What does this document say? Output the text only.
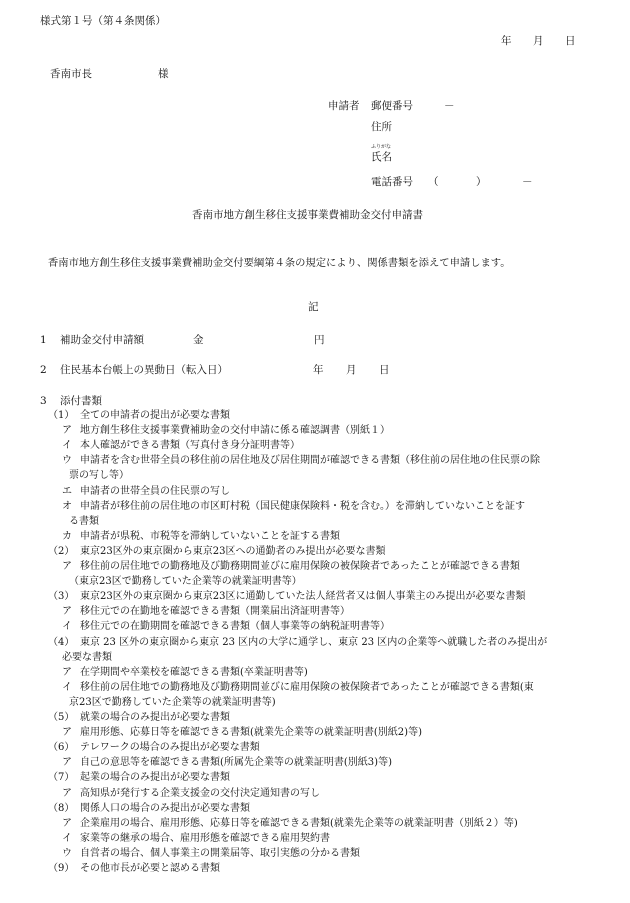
様式第１号（第４条関係）
年 月 日
香南市長	様
申請者 郵便番号	－
住所
ふりがな
氏名
電話番号 （	）	－
香南市地方創生移住支援事業費補助金交付申請書
香南市地方創生移住支援事業費補助金交付要綱第４条の規定により、関係書類を添えて申請します。
記
1 補助金交付申請額	金	円
2 住民基本台帳上の異動日（転入日）	年 月 日
3 添付書類
（1） 全ての申請者の提出が必要な書類
ア 地方創生移住支援事業費補助金の交付申請に係る確認調書（別紙１）
イ 本人確認ができる書類（写真付き身分証明書等）
ウ 申請者を含む世帯全員の移住前の居住地及び居住期間が確認できる書類（移住前の居住地の住民票の除
票の写し等）
エ 申請者の世帯全員の住民票の写し
オ 申請者が移住前の居住地の市区町村税（国民健康保険料・税を含む。）を滞納していないことを証す
る書類
カ 申請者が県税、市税等を滞納していないことを証する書類
（2） 東京23区外の東京圏から東京23区への通勤者のみ提出が必要な書類
ア 移住前の居住地での勤務地及び勤務期間並びに雇用保険の被保険者であったことが確認できる書類
（東京23区で勤務していた企業等の就業証明書等）
（3） 東京23区外の東京圏から東京23区に通勤していた法人経営者又は個人事業主のみ提出が必要な書類
ア 移住元での在勤地を確認できる書類（開業届出済証明書等）
イ 移住元での在勤期間を確認できる書類（個人事業等の納税証明書等）
（4） 東京 23 区外の東京圏から東京 23 区内の大学に通学し、東京 23 区内の企業等へ就職した者のみ提出が
必要な書類
ア 在学期間や卒業校を確認できる書類(卒業証明書等)
イ 移住前の居住地での勤務地及び勤務期間並びに雇用保険の被保険者であったことが確認できる書類(東
京23区で勤務していた企業等の就業証明書等)
（5） 就業の場合のみ提出が必要な書類
ア 雇用形態、応募日等を確認できる書類(就業先企業等の就業証明書(別紙2)等)
（6） テレワークの場合のみ提出が必要な書類
ア 自己の意思等を確認できる書類(所属先企業等の就業証明書(別紙3)等)
（7） 起業の場合のみ提出が必要な書類
ア 高知県が発行する企業支援金の交付決定通知書の写し
（8） 関係人口の場合のみ提出が必要な書類
ア 企業雇用の場合、雇用形態、応募日等を確認できる書類(就業先企業等の就業証明書（別紙２）等)
イ 家業等の継承の場合、雇用形態を確認できる雇用契約書
ウ 自営者の場合、個人事業主の開業届等、取引実態の分かる書類
（9） その他市長が必要と認める書類
